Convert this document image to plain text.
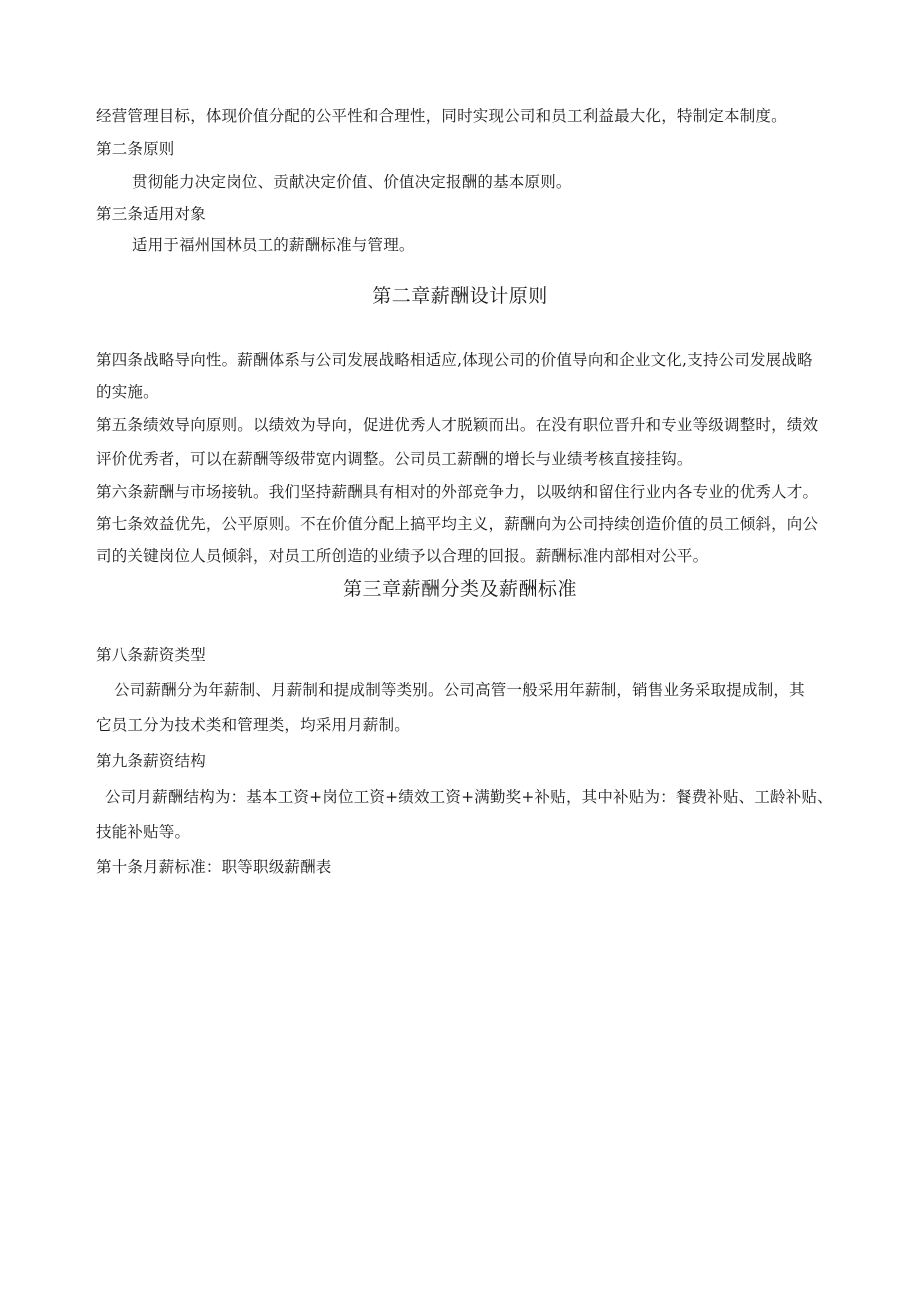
经营管理目标，体现价值分配的公平性和合理性，同时实现公司和员工利益最大化，特制定本制度。
第二条原则
贯彻能力决定岗位、贡献决定价值、价值决定报酬的基本原则。
第三条适用对象
适用于福州国林员工的薪酬标准与管理。
第二章薪酬设计原则
第四条战略导向性。薪酬体系与公司发展战略相适应,体现公司的价值导向和企业文化,支持公司发展战略
的实施。
第五条绩效导向原则。以绩效为导向，促进优秀人才脱颖而出。在没有职位晋升和专业等级调整时，绩效
评价优秀者，可以在薪酬等级带宽内调整。公司员工薪酬的增长与业绩考核直接挂钩。
第六条薪酬与市场接轨。我们坚持薪酬具有相对的外部竞争力，以吸纳和留住行业内各专业的优秀人才。
第七条效益优先，公平原则。不在价值分配上搞平均主义，薪酬向为公司持续创造价值的员工倾斜，向公
司的关键岗位人员倾斜，对员工所创造的业绩予以合理的回报。薪酬标准内部相对公平。
第三章薪酬分类及薪酬标准
第八条薪资类型
公司薪酬分为年薪制、月薪制和提成制等类别。公司高管一般采用年薪制，销售业务采取提成制，其
它员工分为技术类和管理类，均采用月薪制。
第九条薪资结构
公司月薪酬结构为：基本工资+岗位工资+绩效工资+满勤奖+补贴，其中补贴为：餐费补贴、工龄补贴、
技能补贴等。
第十条月薪标准：职等职级薪酬表
